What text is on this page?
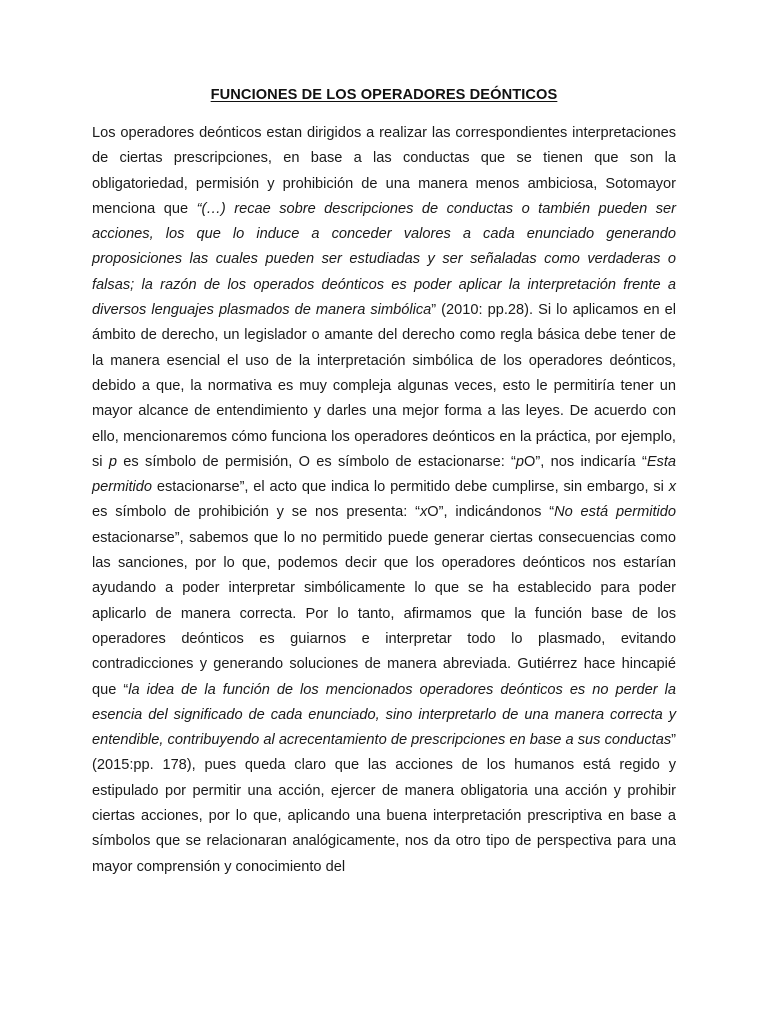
FUNCIONES DE LOS OPERADORES DEÓNTICOS

Los operadores deónticos estan dirigidos a realizar las correspondientes interpretaciones de ciertas prescripciones, en base a las conductas que se tienen que son la obligatoriedad, permisión y prohibición de una manera menos ambiciosa, Sotomayor menciona que “(…) recae sobre descripciones de conductas o también pueden ser acciones, los que lo induce a conceder valores a cada enunciado generando proposiciones las cuales pueden ser estudiadas y ser señaladas como verdaderas o falsas; la razón de los operados deónticos es poder aplicar la interpretación frente a diversos lenguajes plasmados de manera simbólica” (2010: pp.28). Si lo aplicamos en el ámbito de derecho, un legislador o amante del derecho como regla básica debe tener de la manera esencial el uso de la interpretación simbólica de los operadores deónticos, debido a que, la normativa es muy compleja algunas veces, esto le permitiría tener un mayor alcance de entendimiento y darles una mejor forma a las leyes. De acuerdo con ello, mencionaremos cómo funciona los operadores deónticos en la práctica, por ejemplo, si p es símbolo de permisión, O es símbolo de estacionarse: “pO”, nos indicaría “Esta permitido estacionarse”, el acto que indica lo permitido debe cumplirse, sin embargo, si x es símbolo de prohibición y se nos presenta: “xO”, indicándonos “No está permitido estacionarse”, sabemos que lo no permitido puede generar ciertas consecuencias como las sanciones, por lo que, podemos decir que los operadores deónticos nos estarían ayudando a poder interpretar simbólicamente lo que se ha establecido para poder aplicarlo de manera correcta. Por lo tanto, afirmamos que la función base de los operadores deónticos es guiarnos e interpretar todo lo plasmado, evitando contradicciones y generando soluciones de manera abreviada. Gutiérrez hace hincapié que “la idea de la función de los mencionados operadores deónticos es no perder la esencia del significado de cada enunciado, sino interpretarlo de una manera correcta y entendible, contribuyendo al acrecentamiento de prescripciones en base a sus conductas” (2015:pp. 178), pues queda claro que las acciones de los humanos está regido y estipulado por permitir una acción, ejercer de manera obligatoria una acción y prohibir ciertas acciones, por lo que, aplicando una buena interpretación prescriptiva en base a símbolos que se relacionaran analógicamente, nos da otro tipo de perspectiva para una mayor comprensión y conocimiento del
